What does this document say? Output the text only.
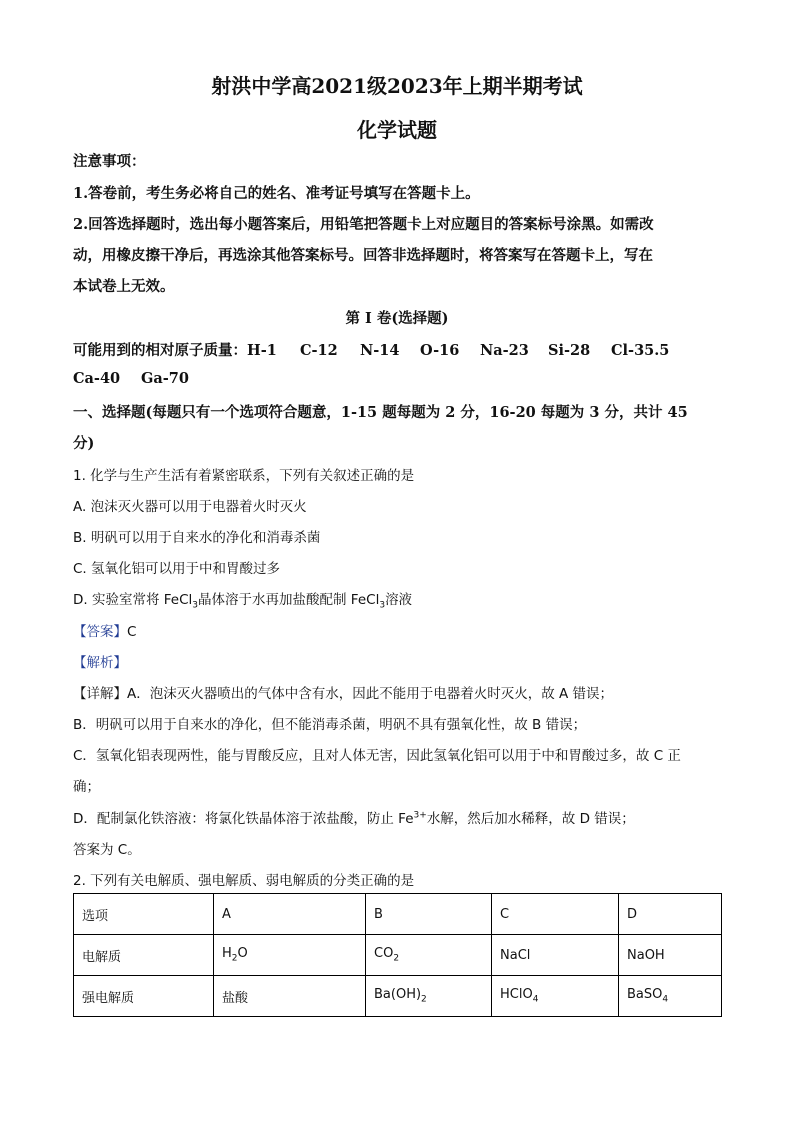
射洪中学高2021级2023年上期半期考试
化学试题
注意事项：
1.答卷前，考生务必将自己的姓名、准考证号填写在答题卡上。
2.回答选择题时，选出每小题答案后，用铅笔把答题卡上对应题目的答案标号涂黑。如需改
动，用橡皮擦干净后，再选涂其他答案标号。回答非选择题时，将答案写在答题卡上，写在
本试卷上无效。
第 I 卷(选择题)
可能用到的相对原子质量：H-1 C-12 N-14 O-16 Na-23 Si-28 Cl-35.5
Ca-40 Ga-70
一、选择题(每题只有一个选项符合题意，1-15 题每题为 2 分，16-20 每题为 3 分，共计 45
分)
1. 化学与生产生活有着紧密联系，下列有关叙述正确的是
A. 泡沫灭火器可以用于电器着火时灭火
B. 明矾可以用于自来水的净化和消毒杀菌
C. 氢氧化铝可以用于中和胃酸过多
D. 实验室常将 FeCl$_3$晶体溶于水再加盐酸配制 FeCl$_3$溶液
【答案】C
【解析】
【详解】A．泡沫灭火器喷出的气体中含有水，因此不能用于电器着火时灭火，故 A 错误；
B．明矾可以用于自来水的净化，但不能消毒杀菌，明矾不具有强氧化性，故 B 错误；
C．氢氧化铝表现两性，能与胃酸反应，且对人体无害，因此氢氧化铝可以用于中和胃酸过多，故 C 正
确；
D．配制氯化铁溶液：将氯化铁晶体溶于浓盐酸，防止 $Fe^{3+}$水解，然后加水稀释，故 D 错误；
答案为 C。
2. 下列有关电解质、强电解质、弱电解质的分类正确的是
选项	A	B	C	D
电解质	$H_2O$	$CO_2$	NaCl	NaOH
强电解质	盐酸	$Ba(OH)_2$	HClO$_4$	BaSO$_4$
